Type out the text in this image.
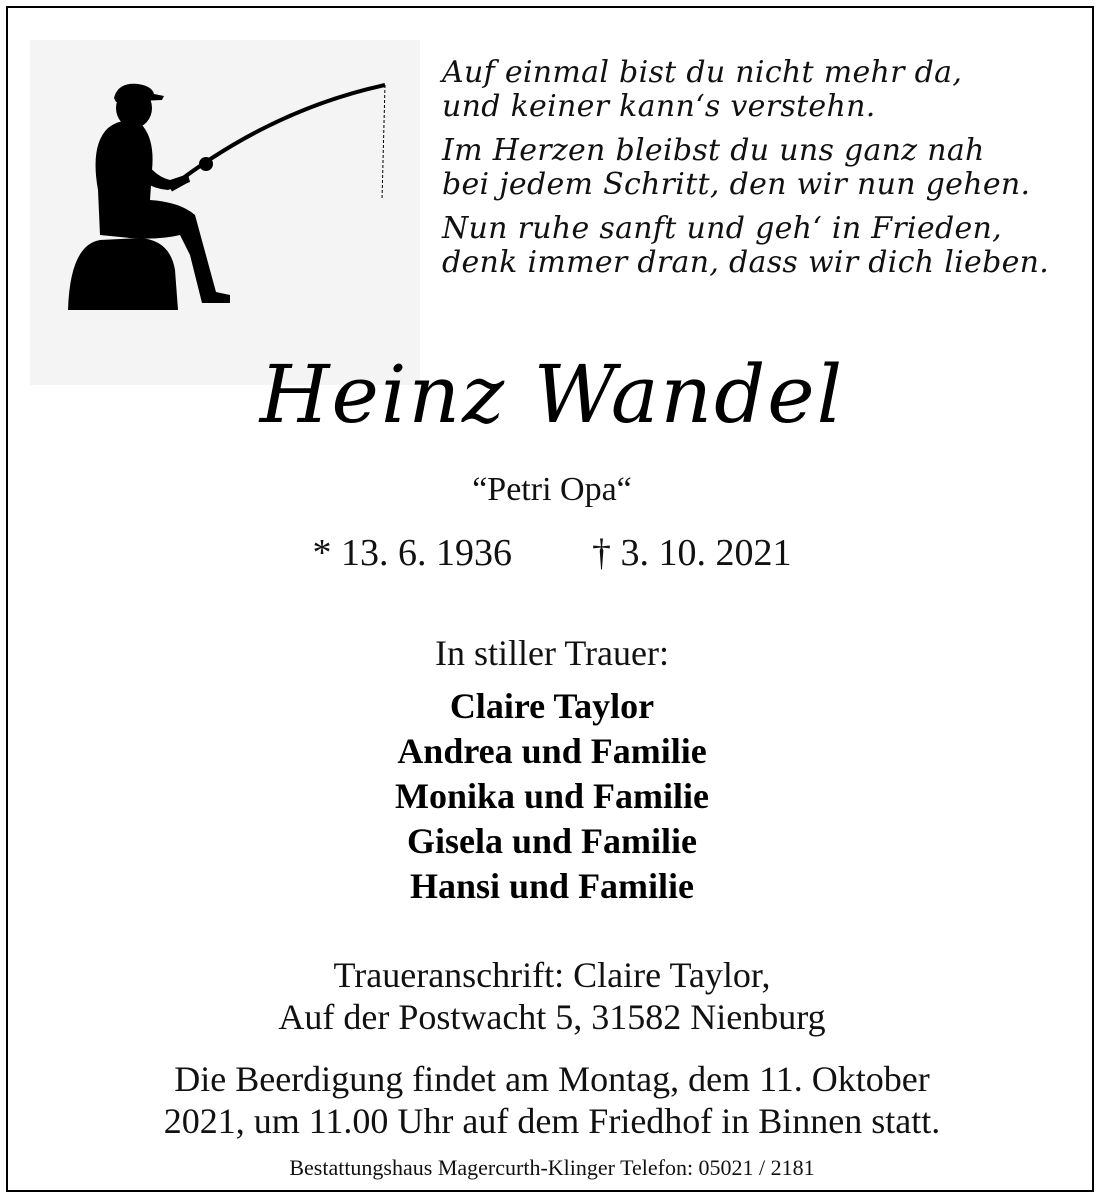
Auf einmal bist du nicht mehr da,
und keiner kann‘s verstehn.
Im Herzen bleibst du uns ganz nah
bei jedem Schritt, den wir nun gehen.
Nun ruhe sanft und geh‘ in Frieden,
denk immer dran, dass wir dich lieben.
Heinz Wandel
“Petri Opa“
* 13. 6. 1936 † 3. 10. 2021
In stiller Trauer:
Claire Taylor
Andrea und Familie
Monika und Familie
Gisela und Familie
Hansi und Familie
Traueranschrift: Claire Taylor,
Auf der Postwacht 5, 31582 Nienburg
Die Beerdigung findet am Montag, dem 11. Oktober
2021, um 11.00 Uhr auf dem Friedhof in Binnen statt.
Bestattungshaus Magercurth-Klinger Telefon: 05021 / 2181
